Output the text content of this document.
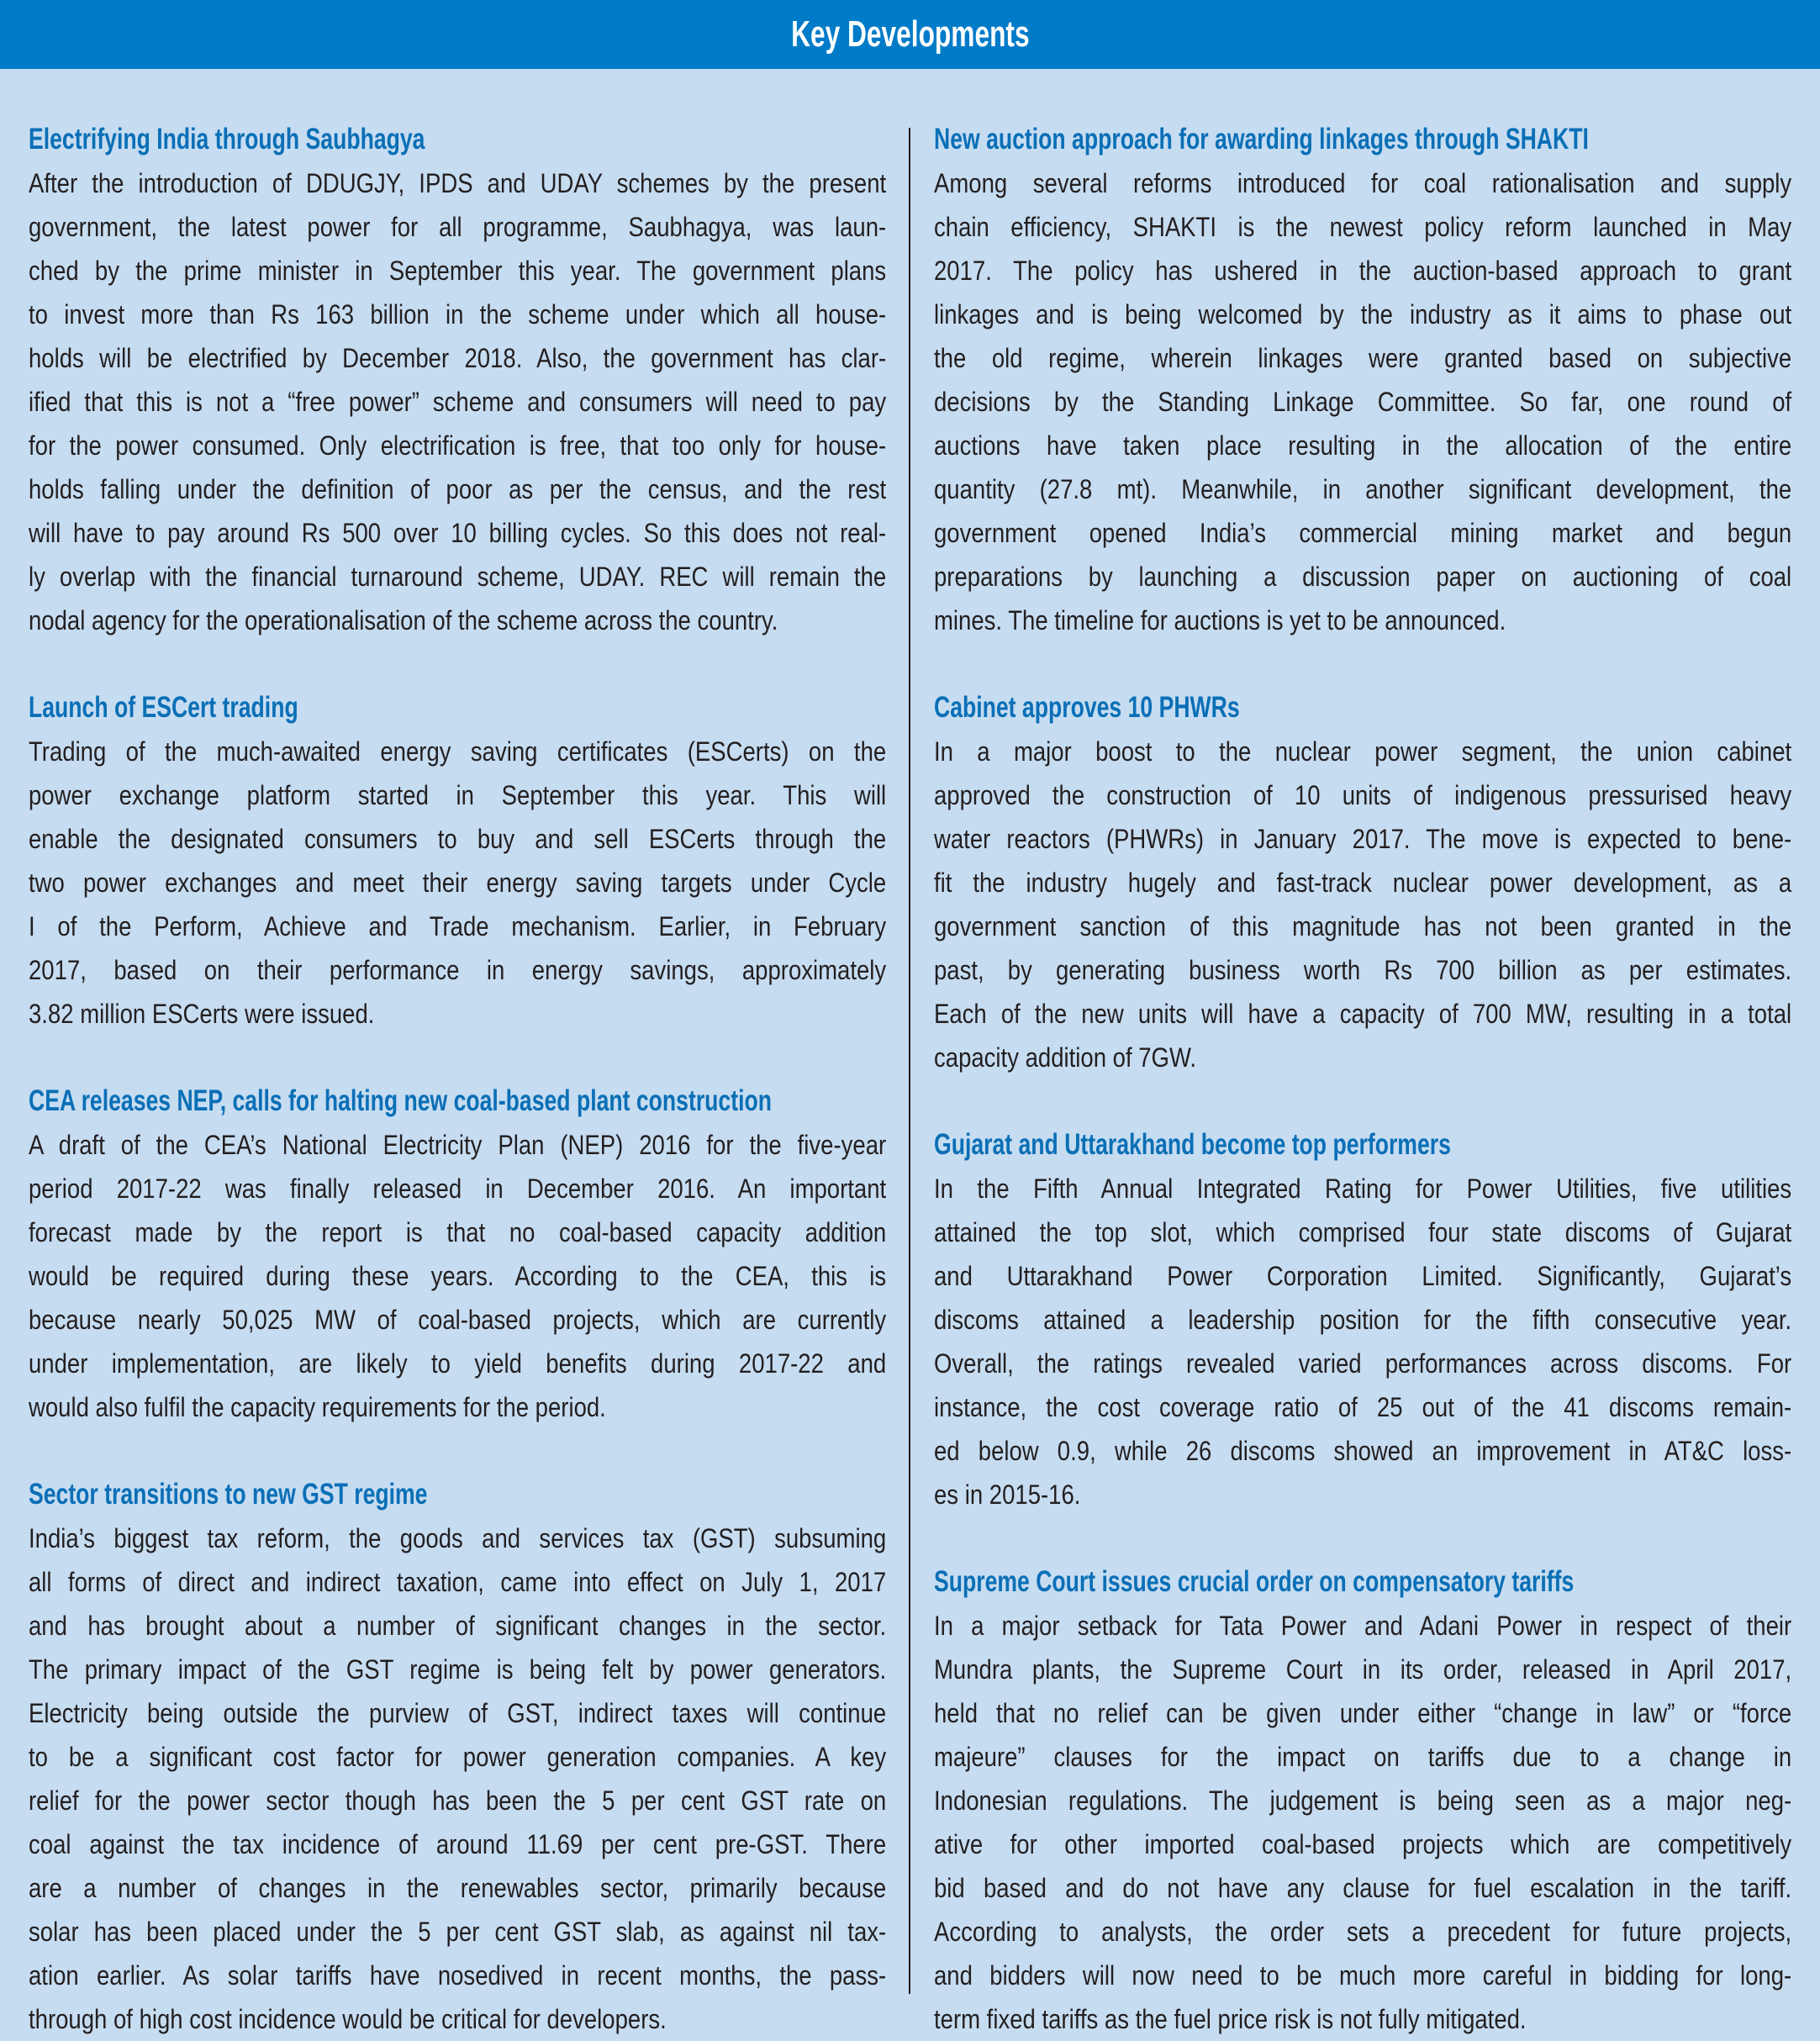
Key Developments
Electrifying India through Saubhagya
After the introduction of DDUGJY, IPDS and UDAY schemes by the present
government, the latest power for all programme, Saubhagya, was laun-
ched by the prime minister in September this year. The government plans
to invest more than Rs 163 billion in the scheme under which all house-
holds will be electrified by December 2018. Also, the government has clar-
ified that this is not a “free power” scheme and consumers will need to pay
for the power consumed. Only electrification is free, that too only for house-
holds falling under the definition of poor as per the census, and the rest
will have to pay around Rs 500 over 10 billing cycles. So this does not real-
ly overlap with the financial turnaround scheme, UDAY. REC will remain the
nodal agency for the operationalisation of the scheme across the country.
Launch of ESCert trading
Trading of the much-awaited energy saving certificates (ESCerts) on the
power exchange platform started in September this year. This will
enable the designated consumers to buy and sell ESCerts through the
two power exchanges and meet their energy saving targets under Cycle
I of the Perform, Achieve and Trade mechanism. Earlier, in February
2017, based on their performance in energy savings, approximately
3.82 million ESCerts were issued.
CEA releases NEP, calls for halting new coal-based plant construction
A draft of the CEA’s National Electricity Plan (NEP) 2016 for the five-year
period 2017-22 was finally released in December 2016. An important
forecast made by the report is that no coal-based capacity addition
would be required during these years. According to the CEA, this is
because nearly 50,025 MW of coal-based projects, which are currently
under implementation, are likely to yield benefits during 2017-22 and
would also fulfil the capacity requirements for the period.
Sector transitions to new GST regime
India’s biggest tax reform, the goods and services tax (GST) subsuming
all forms of direct and indirect taxation, came into effect on July 1, 2017
and has brought about a number of significant changes in the sector.
The primary impact of the GST regime is being felt by power generators.
Electricity being outside the purview of GST, indirect taxes will continue
to be a significant cost factor for power generation companies. A key
relief for the power sector though has been the 5 per cent GST rate on
coal against the tax incidence of around 11.69 per cent pre-GST. There
are a number of changes in the renewables sector, primarily because
solar has been placed under the 5 per cent GST slab, as against nil tax-
ation earlier. As solar tariffs have nosedived in recent months, the pass-
through of high cost incidence would be critical for developers.
New auction approach for awarding linkages through SHAKTI
Among several reforms introduced for coal rationalisation and supply
chain efficiency, SHAKTI is the newest policy reform launched in May
2017. The policy has ushered in the auction-based approach to grant
linkages and is being welcomed by the industry as it aims to phase out
the old regime, wherein linkages were granted based on subjective
decisions by the Standing Linkage Committee. So far, one round of
auctions have taken place resulting in the allocation of the entire
quantity (27.8 mt). Meanwhile, in another significant development, the
government opened India’s commercial mining market and begun
preparations by launching a discussion paper on auctioning of coal
mines. The timeline for auctions is yet to be announced.
Cabinet approves 10 PHWRs
In a major boost to the nuclear power segment, the union cabinet
approved the construction of 10 units of indigenous pressurised heavy
water reactors (PHWRs) in January 2017. The move is expected to bene-
fit the industry hugely and fast-track nuclear power development, as a
government sanction of this magnitude has not been granted in the
past, by generating business worth Rs 700 billion as per estimates.
Each of the new units will have a capacity of 700 MW, resulting in a total
capacity addition of 7GW.
Gujarat and Uttarakhand become top performers
In the Fifth Annual Integrated Rating for Power Utilities, five utilities
attained the top slot, which comprised four state discoms of Gujarat
and Uttarakhand Power Corporation Limited. Significantly, Gujarat’s
discoms attained a leadership position for the fifth consecutive year.
Overall, the ratings revealed varied performances across discoms. For
instance, the cost coverage ratio of 25 out of the 41 discoms remain-
ed below 0.9, while 26 discoms showed an improvement in AT&C loss-
es in 2015-16.
Supreme Court issues crucial order on compensatory tariffs
In a major setback for Tata Power and Adani Power in respect of their
Mundra plants, the Supreme Court in its order, released in April 2017,
held that no relief can be given under either “change in law” or “force
majeure” clauses for the impact on tariffs due to a change in
Indonesian regulations. The judgement is being seen as a major neg-
ative for other imported coal-based projects which are competitively
bid based and do not have any clause for fuel escalation in the tariff.
According to analysts, the order sets a precedent for future projects,
and bidders will now need to be much more careful in bidding for long-
term fixed tariffs as the fuel price risk is not fully mitigated.
